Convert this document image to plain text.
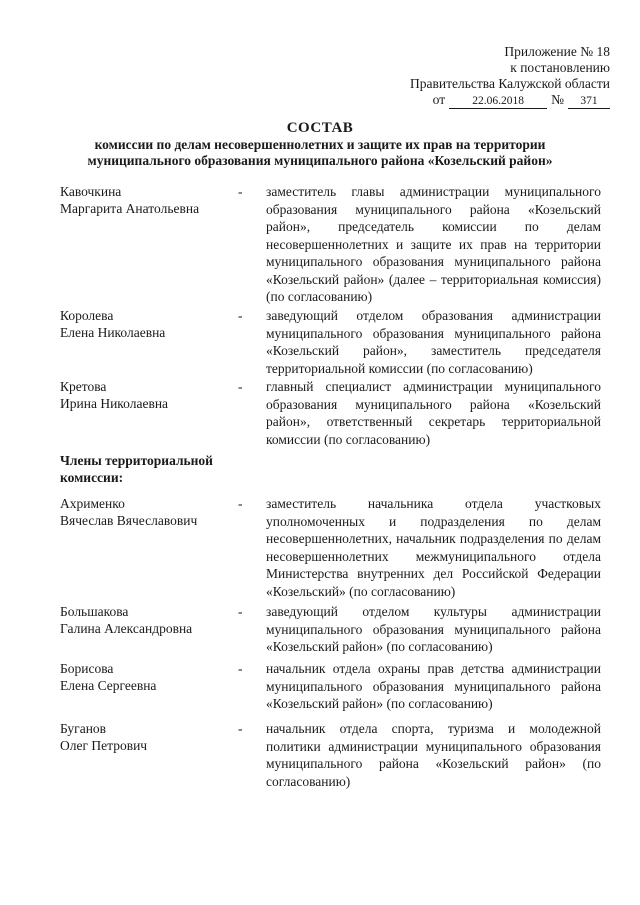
Приложение № 18
к постановлению
Правительства Калужской области
от	22.06.2018	№	371
СОСТАВ
комиссии по делам несовершеннолетних и защите их прав на территории
муниципального образования муниципального района «Козельский район»
Кавочкина
Маргарита Анатольевна
- заместитель главы администрации муниципального образования муниципального района «Козельский район», председатель комиссии по делам несовершеннолетних и защите их прав на территории муниципального образования муниципального района «Козельский район» (далее – территориальная комиссия) (по согласованию)
Королева
Елена Николаевна
- заведующий отделом образования администрации муниципального образования муниципального района «Козельский район», заместитель председателя территориальной комиссии (по согласованию)
Кретова
Ирина Николаевна
- главный специалист администрации муниципального образования муниципального района «Козельский район», ответственный секретарь территориальной комиссии (по согласованию)
Члены территориальной комиссии:
Ахрименко
Вячеслав Вячеславович
- заместитель начальника отдела участковых уполномоченных и подразделения по делам несовершеннолетних, начальник подразделения по делам несовершеннолетних межмуниципального отдела Министерства внутренних дел Российской Федерации «Козельский» (по согласованию)
Большакова
Галина Александровна
- заведующий отделом культуры администрации муниципального образования муниципального района «Козельский район» (по согласованию)
Борисова
Елена Сергеевна
- начальник отдела охраны прав детства администрации муниципального образования муниципального района «Козельский район» (по согласованию)
Буганов
Олег Петрович
- начальник отдела спорта, туризма и молодежной политики администрации муниципального образования муниципального района «Козельский район» (по согласованию)
